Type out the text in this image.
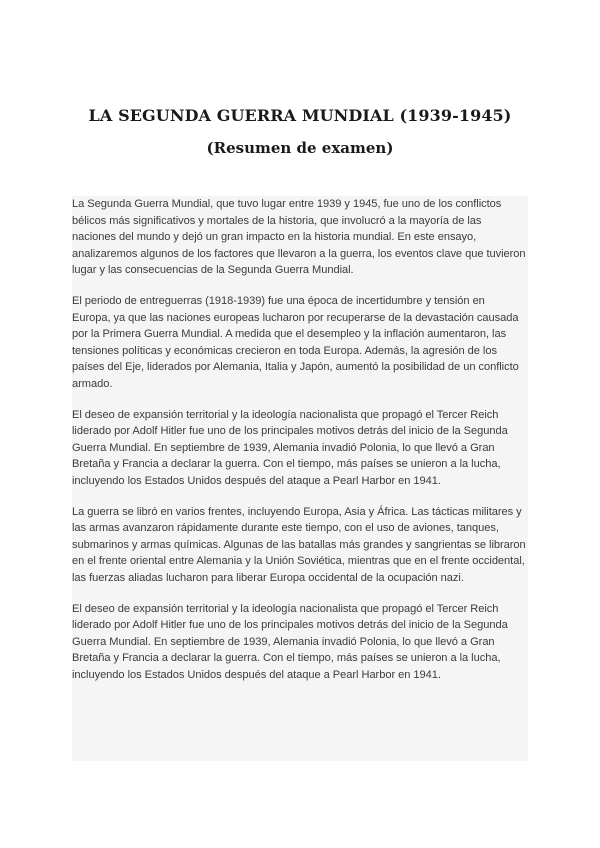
LA SEGUNDA GUERRA MUNDIAL (1939-1945)
(Resumen de examen)

La Segunda Guerra Mundial, que tuvo lugar entre 1939 y 1945, fue uno de los conflictos bélicos más significativos y mortales de la historia, que involucró a la mayoría de las naciones del mundo y dejó un gran impacto en la historia mundial. En este ensayo, analizaremos algunos de los factores que llevaron a la guerra, los eventos clave que tuvieron lugar y las consecuencias de la Segunda Guerra Mundial.

El periodo de entreguerras (1918-1939) fue una época de incertidumbre y tensión en Europa, ya que las naciones europeas lucharon por recuperarse de la devastación causada por la Primera Guerra Mundial. A medida que el desempleo y la inflación aumentaron, las tensiones políticas y económicas crecieron en toda Europa. Además, la agresión de los países del Eje, liderados por Alemania, Italia y Japón, aumentó la posibilidad de un conflicto armado.

El deseo de expansión territorial y la ideología nacionalista que propagó el Tercer Reich liderado por Adolf Hitler fue uno de los principales motivos detrás del inicio de la Segunda Guerra Mundial. En septiembre de 1939, Alemania invadió Polonia, lo que llevó a Gran Bretaña y Francia a declarar la guerra. Con el tiempo, más países se unieron a la lucha, incluyendo los Estados Unidos después del ataque a Pearl Harbor en 1941.

La guerra se libró en varios frentes, incluyendo Europa, Asia y África. Las tácticas militares y las armas avanzaron rápidamente durante este tiempo, con el uso de aviones, tanques, submarinos y armas químicas. Algunas de las batallas más grandes y sangrientas se libraron en el frente oriental entre Alemania y la Unión Soviética, mientras que en el frente occidental, las fuerzas aliadas lucharon para liberar Europa occidental de la ocupación nazi.

El deseo de expansión territorial y la ideología nacionalista que propagó el Tercer Reich liderado por Adolf Hitler fue uno de los principales motivos detrás del inicio de la Segunda Guerra Mundial. En septiembre de 1939, Alemania invadió Polonia, lo que llevó a Gran Bretaña y Francia a declarar la guerra. Con el tiempo, más países se unieron a la lucha, incluyendo los Estados Unidos después del ataque a Pearl Harbor en 1941.
